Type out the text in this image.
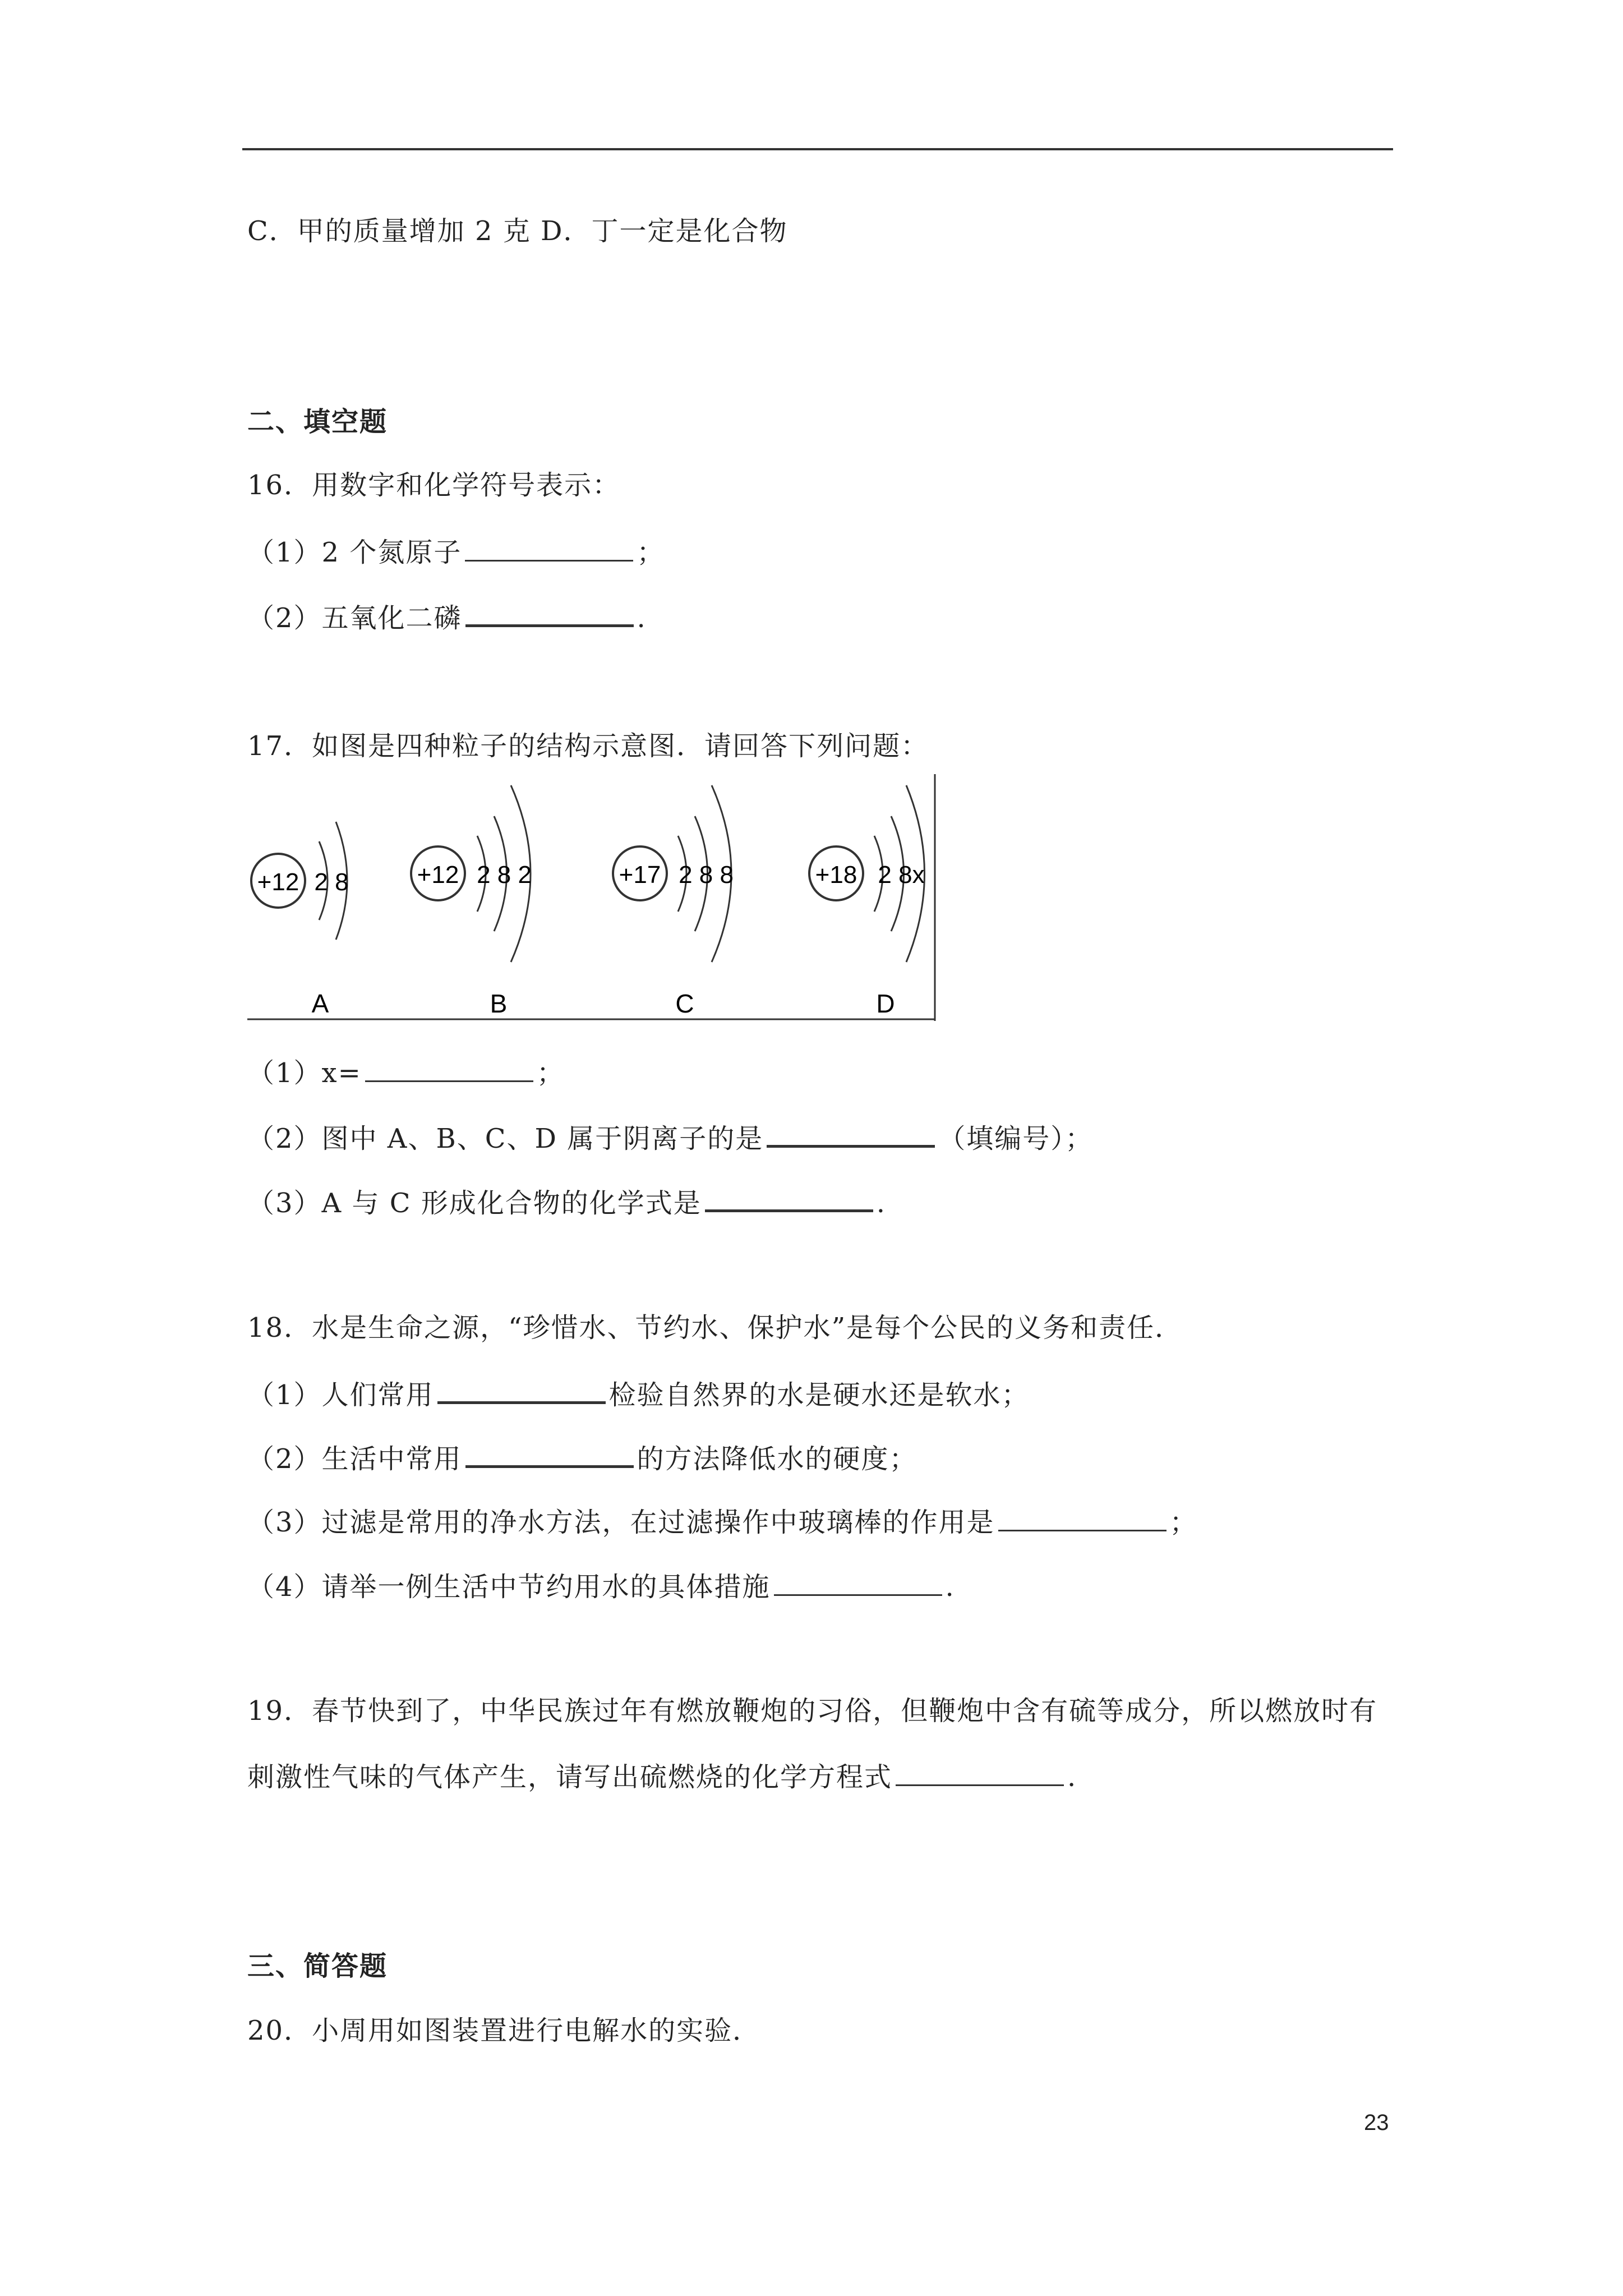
C．甲的质量增加 2 克 D．丁一定是化合物
二、填空题
16．用数字和化学符号表示：
（1）2 个氮原子	；
（2）五氧化二磷	.
17．如图是四种粒子的结构示意图．请回答下列问题：
+12 2 8
A
+12 2 8 2
B
+17 2 8 8
C
+18 2 8x
D
（1）x=	；
（2）图中 A、B、C、D 属于阴离子的是	（填编号）；
（3）A 与 C 形成化合物的化学式是	.
18．水是生命之源，“珍惜水、节约水、保护水”是每个公民的义务和责任．
（1）人们常用	检验自然界的水是硬水还是软水；
（2）生活中常用	的方法降低水的硬度；
（3）过滤是常用的净水方法，在过滤操作中玻璃棒的作用是	；
（4）请举一例生活中节约用水的具体措施	.
19．春节快到了，中华民族过年有燃放鞭炮的习俗，但鞭炮中含有硫等成分，所以燃放时有
刺激性气味的气体产生，请写出硫燃烧的化学方程式	.
三、简答题
20．小周用如图装置进行电解水的实验．
23
